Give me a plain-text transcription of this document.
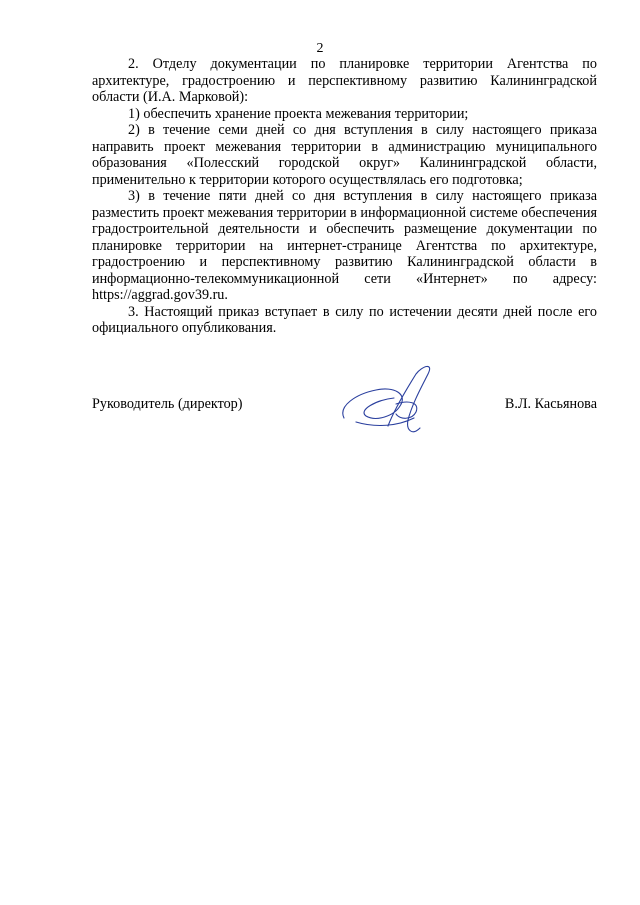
2

2. Отделу документации по планировке территории Агентства по архитектуре, градостроению и перспективному развитию Калининградской области (И.А. Марковой):

1) обеспечить хранение проекта межевания территории;

2) в течение семи дней со дня вступления в силу настоящего приказа направить проект межевания территории в администрацию муниципального образования «Полесский городской округ» Калининградской области, применительно к территории которого осуществлялась его подготовка;

3) в течение пяти дней со дня вступления в силу настоящего приказа разместить проект межевания территории в информационной системе обеспечения градостроительной деятельности и обеспечить размещение документации по планировке территории на интернет-странице Агентства по архитектуре, градостроению и перспективному развитию Калининградской области в информационно-телекоммуникационной сети «Интернет» по адресу: https://aggrad.gov39.ru.

3. Настоящий приказ вступает в силу по истечении десяти дней после его официального опубликования.

Руководитель (директор)	В.Л. Касьянова
